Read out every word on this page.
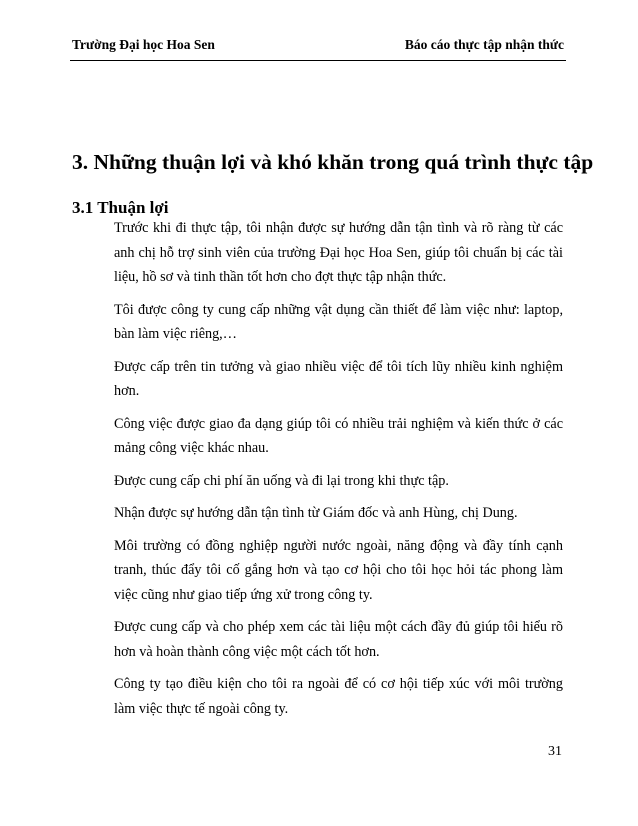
Trường Đại học Hoa Sen	Báo cáo thực tập nhận thức
3. Những thuận lợi và khó khăn trong quá trình thực tập
3.1 Thuận lợi

Trước khi đi thực tập, tôi nhận được sự hướng dẫn tận tình và rõ ràng từ các anh chị hỗ trợ sinh viên của trường Đại học Hoa Sen, giúp tôi chuẩn bị các tài liệu, hồ sơ và tinh thần tốt hơn cho đợt thực tập nhận thức.

Tôi được công ty cung cấp những vật dụng cần thiết để làm việc như: laptop, bàn làm việc riêng,…

Được cấp trên tin tưởng và giao nhiều việc để tôi tích lũy nhiều kinh nghiệm hơn.

Công việc được giao đa dạng giúp tôi có nhiều trải nghiệm và kiến thức ở các mảng công việc khác nhau.

Được cung cấp chi phí ăn uống và đi lại trong khi thực tập.

Nhận được sự hướng dẫn tận tình từ Giám đốc và anh Hùng, chị Dung.

Môi trường có đồng nghiệp người nước ngoài, năng động và đầy tính cạnh tranh, thúc đẩy tôi cố gắng hơn và tạo cơ hội cho tôi học hỏi tác phong làm việc cũng như giao tiếp ứng xử trong công ty.

Được cung cấp và cho phép xem các tài liệu một cách đầy đủ giúp tôi hiểu rõ hơn và hoàn thành công việc một cách tốt hơn.

Công ty tạo điều kiện cho tôi ra ngoài để có cơ hội tiếp xúc với môi trường làm việc thực tế ngoài công ty.

31
